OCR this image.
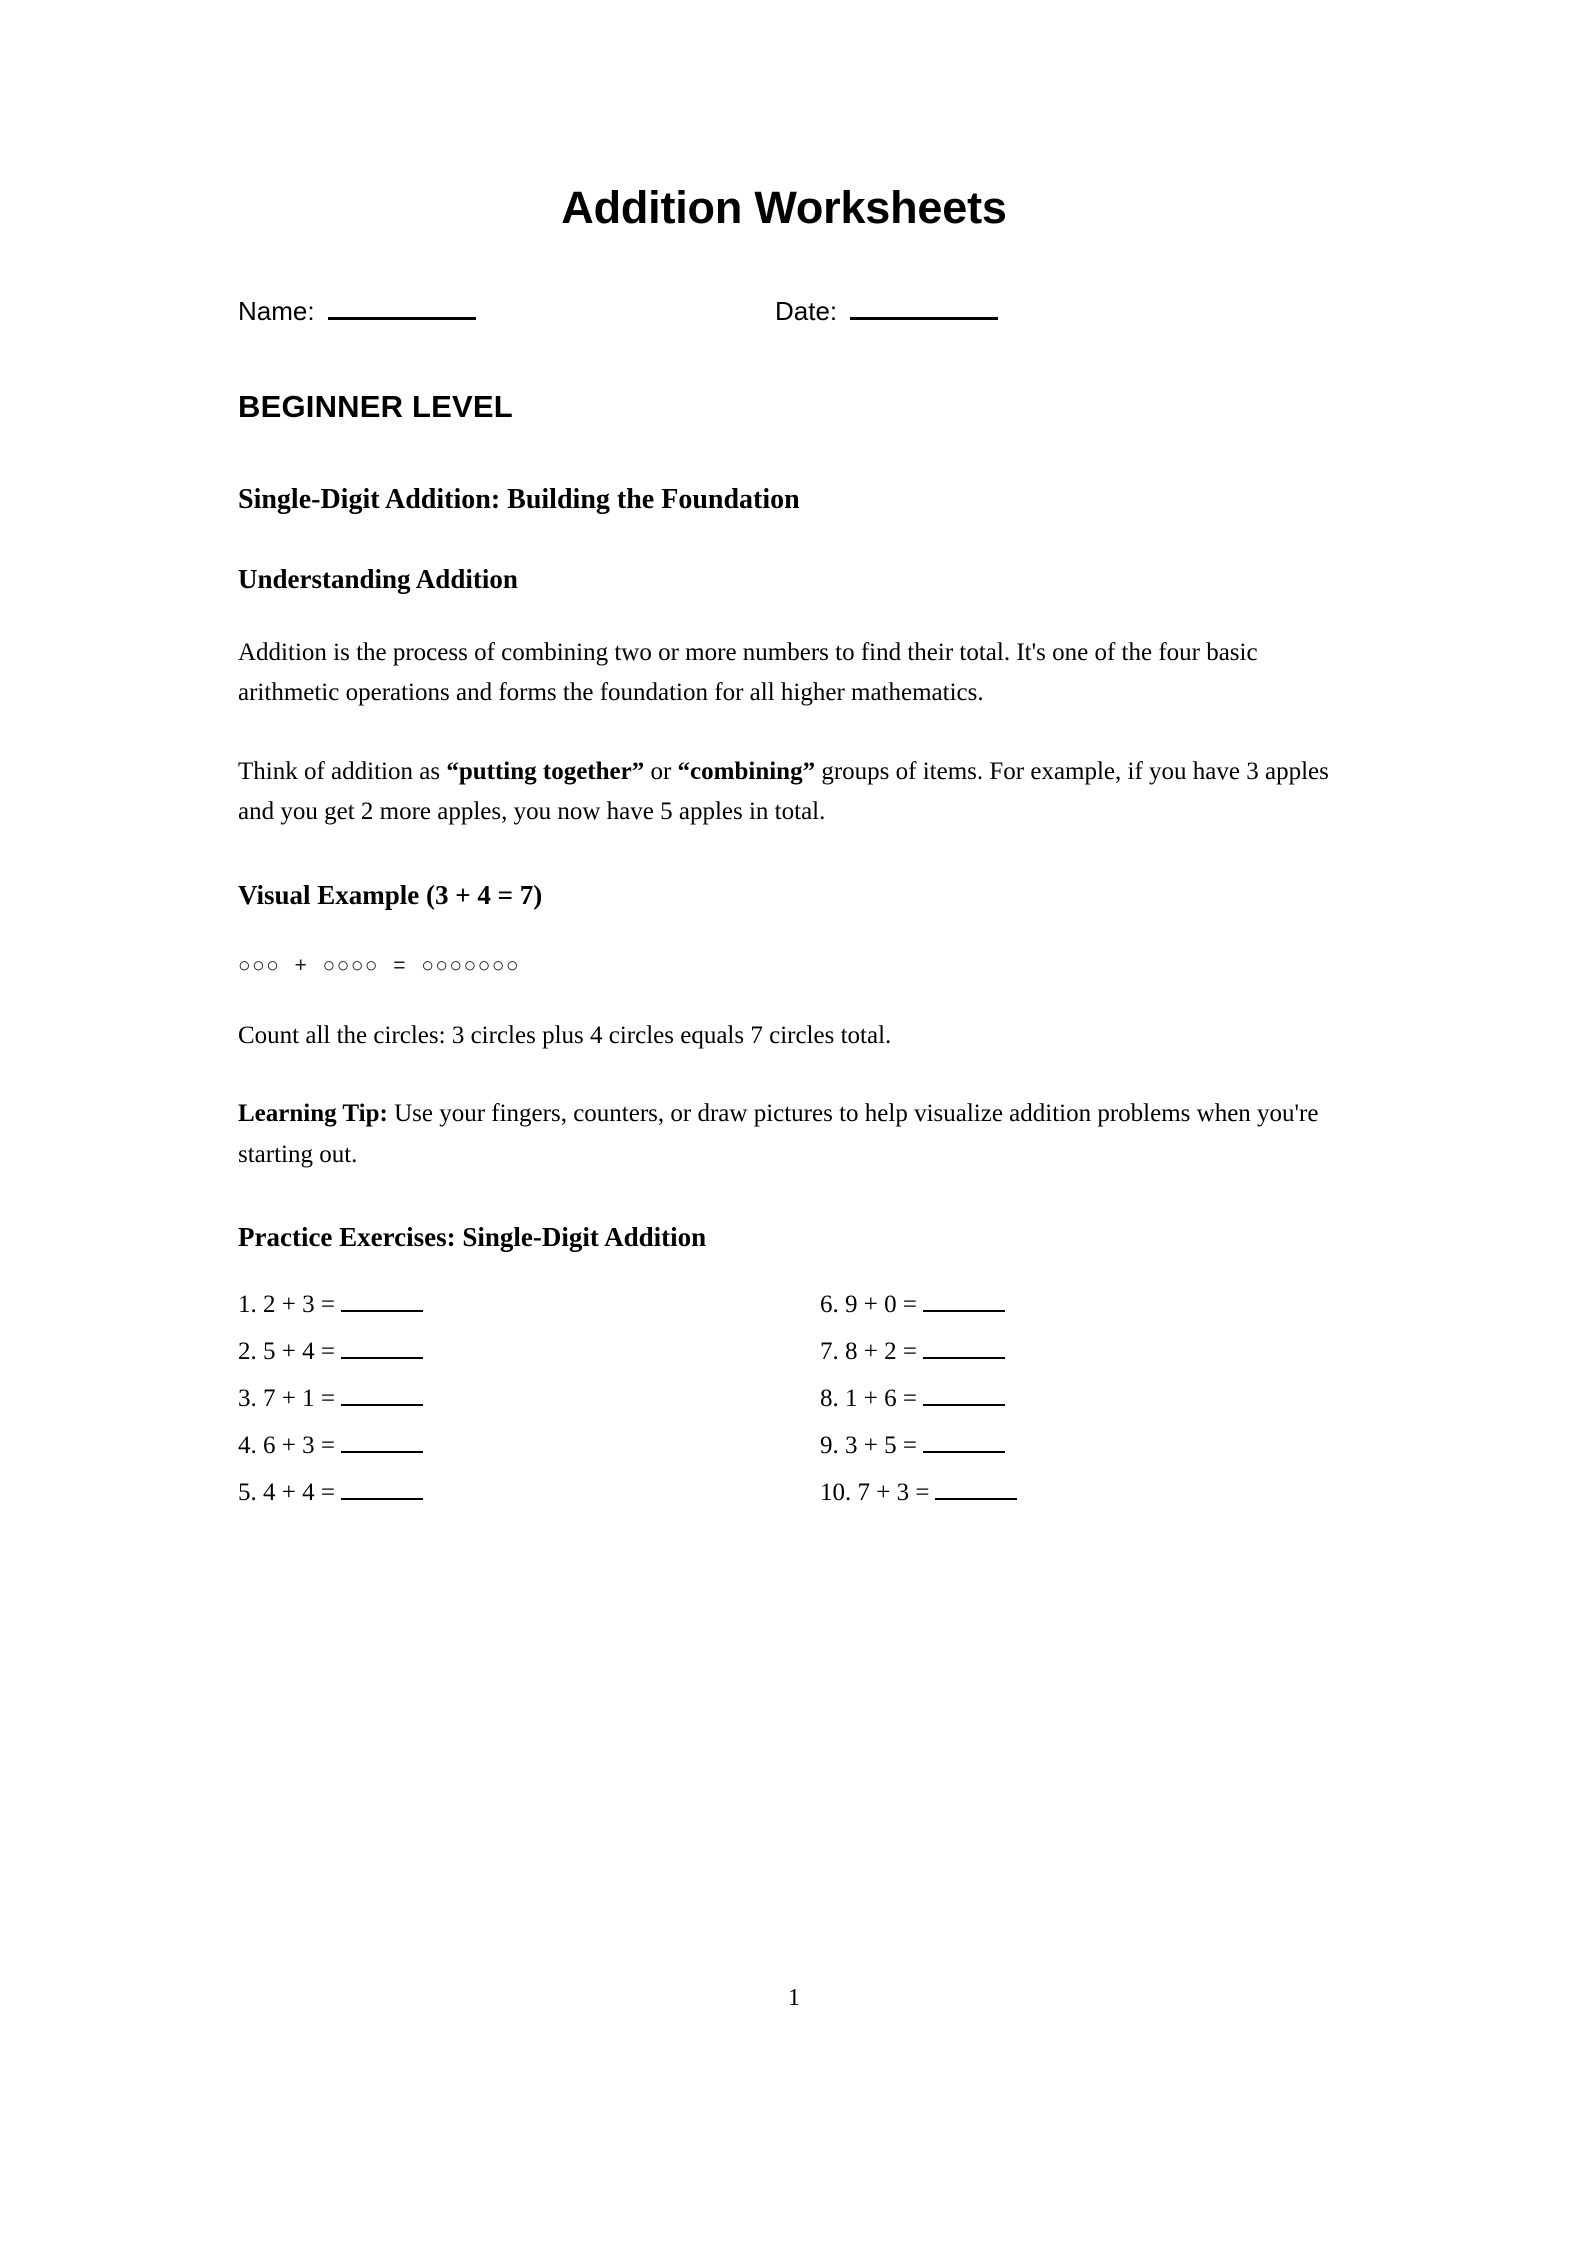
Addition Worksheets
Name:	Date:
BEGINNER LEVEL
Single-Digit Addition: Building the Foundation
Understanding Addition

Addition is the process of combining two or more numbers to find their total. It's one of the four basic arithmetic operations and forms the foundation for all higher mathematics.

Think of addition as “putting together” or “combining” groups of items. For example, if you have 3 apples and you get 2 more apples, you now have 5 apples in total.

Visual Example (3 + 4 = 7)

○○○ + ○○○○ = ○○○○○○○

Count all the circles: 3 circles plus 4 circles equals 7 circles total.

Learning Tip: Use your fingers, counters, or draw pictures to help visualize addition problems when you're starting out.

Practice Exercises: Single-Digit Addition
1. 2 + 3 =
2. 5 + 4 =
3. 7 + 1 =
4. 6 + 3 =
5. 4 + 4 =
6. 9 + 0 =
7. 8 + 2 =
8. 1 + 6 =
9. 3 + 5 =
10. 7 + 3 =
1
